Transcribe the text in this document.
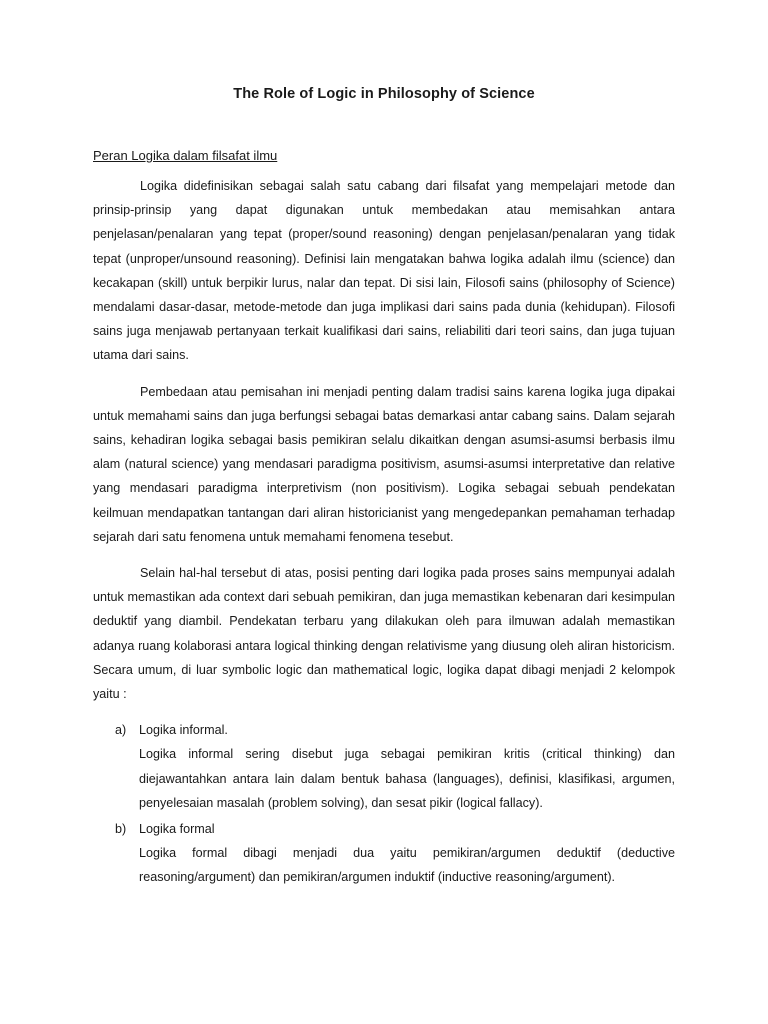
The Role of Logic in Philosophy of Science
Peran Logika dalam filsafat ilmu

Logika didefinisikan sebagai salah satu cabang dari filsafat yang mempelajari metode dan prinsip-prinsip yang dapat digunakan untuk membedakan atau memisahkan antara penjelasan/penalaran yang tepat (proper/sound reasoning) dengan penjelasan/penalaran yang tidak tepat (unproper/unsound reasoning). Definisi lain mengatakan bahwa logika adalah ilmu (science) dan kecakapan (skill) untuk berpikir lurus, nalar dan tepat. Di sisi lain, Filosofi sains (philosophy of Science) mendalami dasar-dasar, metode-metode dan juga implikasi dari sains pada dunia (kehidupan). Filosofi sains juga menjawab pertanyaan terkait kualifikasi dari sains, reliabiliti dari teori sains, dan juga tujuan utama dari sains.

Pembedaan atau pemisahan ini menjadi penting dalam tradisi sains karena logika juga dipakai untuk memahami sains dan juga berfungsi sebagai batas demarkasi antar cabang sains. Dalam sejarah sains, kehadiran logika sebagai basis pemikiran selalu dikaitkan dengan asumsi-asumsi berbasis ilmu alam (natural science) yang mendasari paradigma positivism, asumsi-asumsi interpretative dan relative yang mendasari paradigma interpretivism (non positivism). Logika sebagai sebuah pendekatan keilmuan mendapatkan tantangan dari aliran historicianist yang mengedepankan pemahaman terhadap sejarah dari satu fenomena untuk memahami fenomena tesebut.

Selain hal-hal tersebut di atas, posisi penting dari logika pada proses sains mempunyai adalah untuk memastikan ada context dari sebuah pemikiran, dan juga memastikan kebenaran dari kesimpulan deduktif yang diambil. Pendekatan terbaru yang dilakukan oleh para ilmuwan adalah memastikan adanya ruang kolaborasi antara logical thinking dengan relativisme yang diusung oleh aliran historicism. Secara umum, di luar symbolic logic dan mathematical logic, logika dapat dibagi menjadi 2 kelompok yaitu :

a) Logika informal.

Logika informal sering disebut juga sebagai pemikiran kritis (critical thinking) dan diejawantahkan antara lain dalam bentuk bahasa (languages), definisi, klasifikasi, argumen, penyelesaian masalah (problem solving), dan sesat pikir (logical fallacy).

b) Logika formal

Logika formal dibagi menjadi dua yaitu pemikiran/argumen deduktif (deductive reasoning/argument) dan pemikiran/argumen induktif (inductive reasoning/argument).
